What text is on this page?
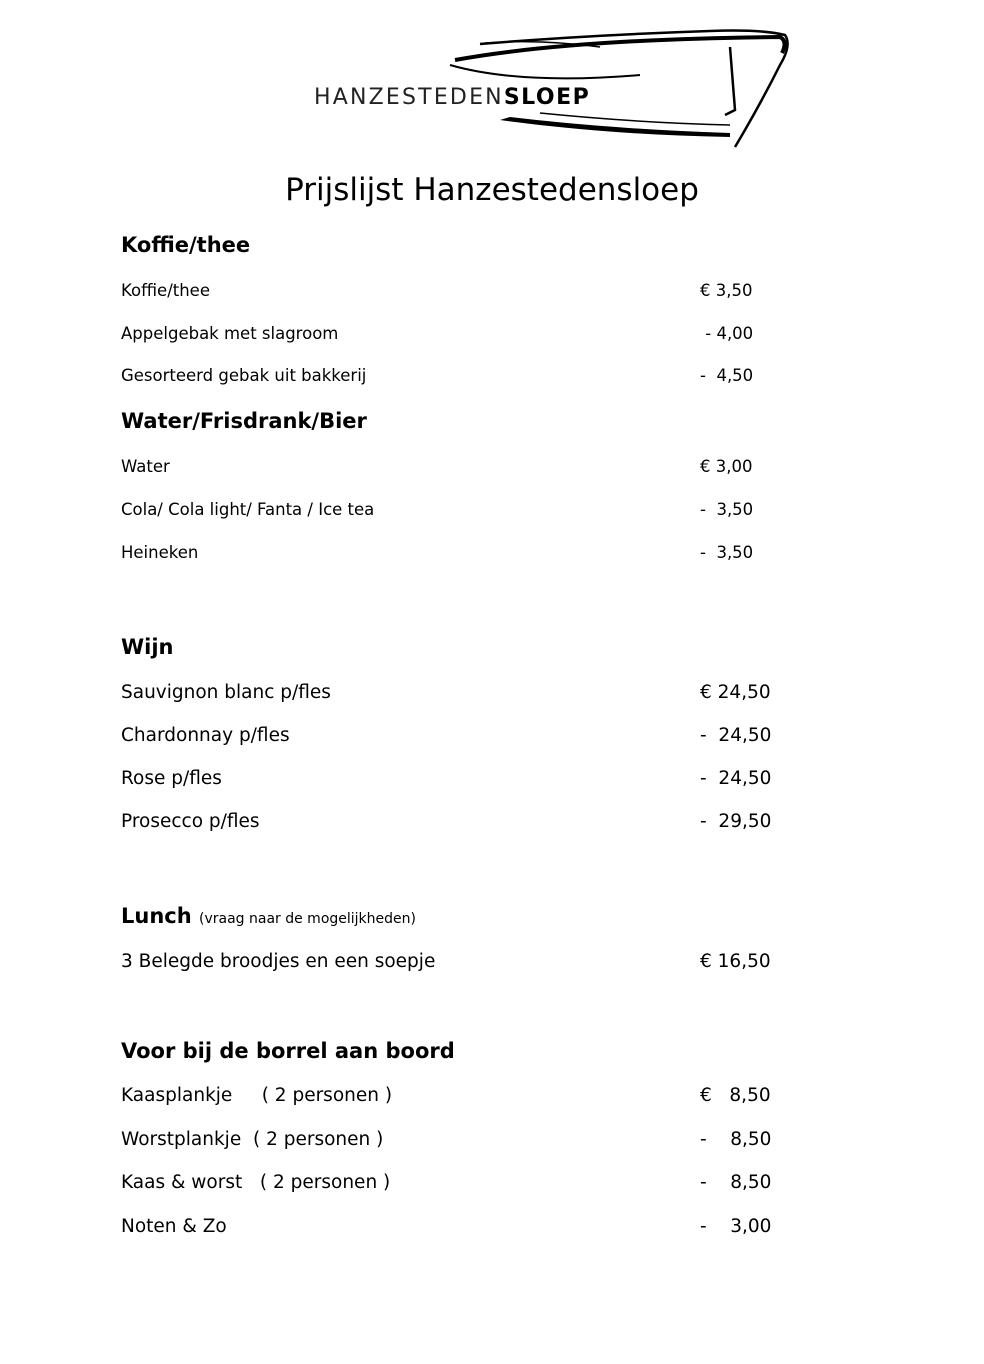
HANZESTEDENSLOEP
Prijslijst Hanzestedensloep
Koffie/thee
Koffie/thee	€ 3,50
Appelgebak met slagroom	- 4,00
Gesorteerd gebak uit bakkerij	-  4,50
Water/Frisdrank/Bier
Water	€ 3,00
Cola/ Cola light/ Fanta / Ice tea	-  3,50
Heineken	-  3,50
Wijn
Sauvignon blanc p/fles	€ 24,50
Chardonnay p/fles	-  24,50
Rose p/fles	-  24,50
Prosecco p/fles	-  29,50
Lunch (vraag naar de mogelijkheden)
3 Belegde broodjes en een soepje	€ 16,50
Voor bij de borrel aan boord
Kaasplankje     ( 2 personen )	€   8,50
Worstplankje  ( 2 personen )	-    8,50
Kaas & worst   ( 2 personen )	-    8,50
Noten & Zo	-    3,00
